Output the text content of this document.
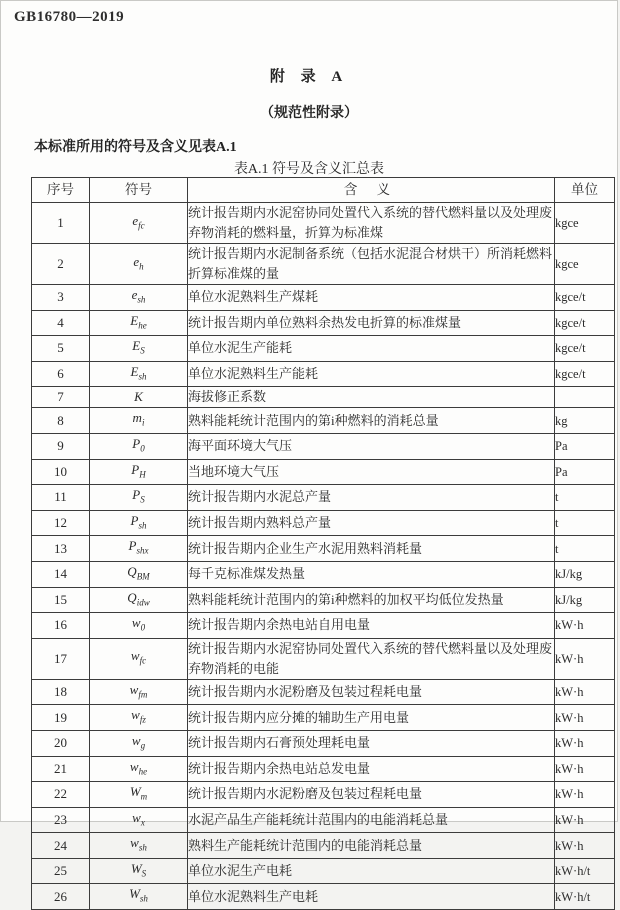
GB16780—2019
附 录 A
（规范性附录）
本标准所用的符号及含义见表A.1
表A.1 符号及含义汇总表
序号	符号	含 义	单位
1	$e_{fc}$	统计报告期内水泥窑协同处置代入系统的替代燃料量以及处理废弃物消耗的燃料量，折算为标准煤	kgce
2	$e_h$	统计报告期内水泥制备系统（包括水泥混合材烘干）所消耗燃料折算标准煤的量	kgce
3	$e_{sh}$	单位水泥熟料生产煤耗	kgce/t
4	$E_{he}$	统计报告期内单位熟料余热发电折算的标准煤量	kgce/t
5	$E_S$	单位水泥生产能耗	kgce/t
6	$E_{sh}$	单位水泥熟料生产能耗	kgce/t
7	K	海拔修正系数	
8	$m_i$	熟料能耗统计范围内的第i种燃料的消耗总量	kg
9	$P_0$	海平面环境大气压	Pa
10	$P_H$	当地环境大气压	Pa
11	$P_S$	统计报告期内水泥总产量	t
12	$P_{sh}$	统计报告期内熟料总产量	t
13	$P_{shx}$	统计报告期内企业生产水泥用熟料消耗量	t
14	$Q_{BM}$	每千克标准煤发热量	kJ/kg
15	$Q_{idw}$	熟料能耗统计范围内的第i种燃料的加权平均低位发热量	kJ/kg
16	$w_0$	统计报告期内余热电站自用电量	kW·h
17	$w_{fc}$	统计报告期内水泥窑协同处置代入系统的替代燃料量以及处理废弃物消耗的电能	kW·h
18	$w_{fm}$	统计报告期内水泥粉磨及包装过程耗电量	kW·h
19	$w_{fz}$	统计报告期内应分摊的辅助生产用电量	kW·h
20	$w_g$	统计报告期内石膏预处理耗电量	kW·h
21	$w_{he}$	统计报告期内余热电站总发电量	kW·h
22	$W_m$	统计报告期内水泥粉磨及包装过程耗电量	kW·h
23	$w_x$	水泥产品生产能耗统计范围内的电能消耗总量	kW·h
24	$w_{sh}$	熟料生产能耗统计范围内的电能消耗总量	kW·h
25	$W_S$	单位水泥生产电耗	kW·h/t
26	$W_{sh}$	单位水泥熟料生产电耗	kW·h/t
